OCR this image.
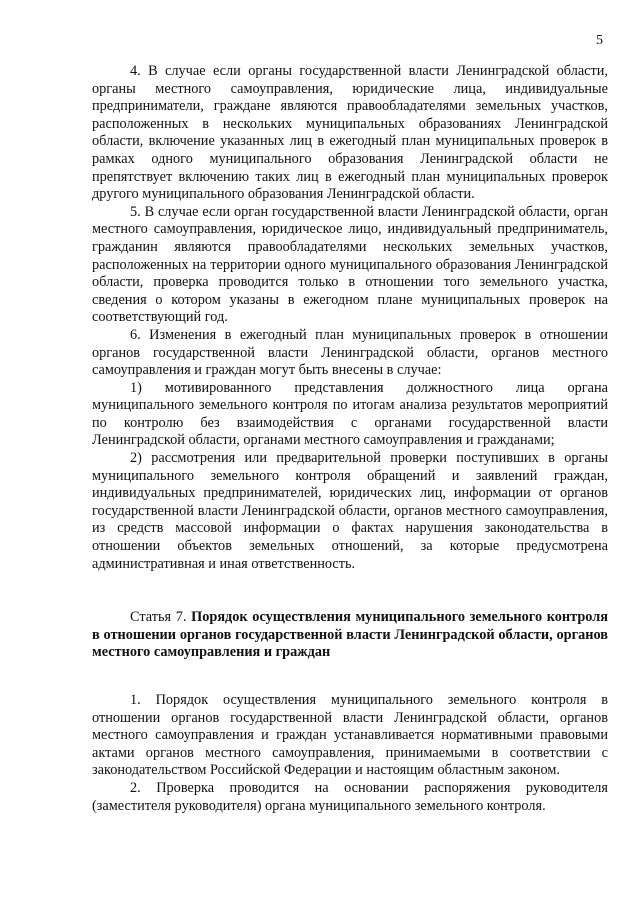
5

4. В случае если органы государственной власти Ленинградской области, органы местного самоуправления, юридические лица, индивидуальные предприниматели, граждане являются правообладателями земельных участков, расположенных в нескольких муниципальных образованиях Ленинградской области, включение указанных лиц в ежегодный план муниципальных проверок в рамках одного муниципального образования Ленинградской области не препятствует включению таких лиц в ежегодный план муниципальных проверок другого муниципального образования Ленинградской области.

5. В случае если орган государственной власти Ленинградской области, орган местного самоуправления, юридическое лицо, индивидуальный предприниматель, гражданин являются правообладателями нескольких земельных участков, расположенных на территории одного муниципального образования Ленинградской области, проверка проводится только в отношении того земельного участка, сведения о котором указаны в ежегодном плане муниципальных проверок на соответствующий год.

6. Изменения в ежегодный план муниципальных проверок в отношении органов государственной власти Ленинградской области, органов местного самоуправления и граждан могут быть внесены в случае:

1) мотивированного представления должностного лица органа муниципального земельного контроля по итогам анализа результатов мероприятий по контролю без взаимодействия с органами государственной власти Ленинградской области, органами местного самоуправления и гражданами;

2) рассмотрения или предварительной проверки поступивших в органы муниципального земельного контроля обращений и заявлений граждан, индивидуальных предпринимателей, юридических лиц, информации от органов государственной власти Ленинградской области, органов местного самоуправления, из средств массовой информации о фактах нарушения законодательства в отношении объектов земельных отношений, за которые предусмотрена административная и иная ответственность.

Статья 7. Порядок осуществления муниципального земельного контроля в отношении органов государственной власти Ленинградской области, органов местного самоуправления и граждан

1. Порядок осуществления муниципального земельного контроля в отношении органов государственной власти Ленинградской области, органов местного самоуправления и граждан устанавливается нормативными правовыми актами органов местного самоуправления, принимаемыми в соответствии с законодательством Российской Федерации и настоящим областным законом.

2. Проверка проводится на основании распоряжения руководителя (заместителя руководителя) органа муниципального земельного контроля.
